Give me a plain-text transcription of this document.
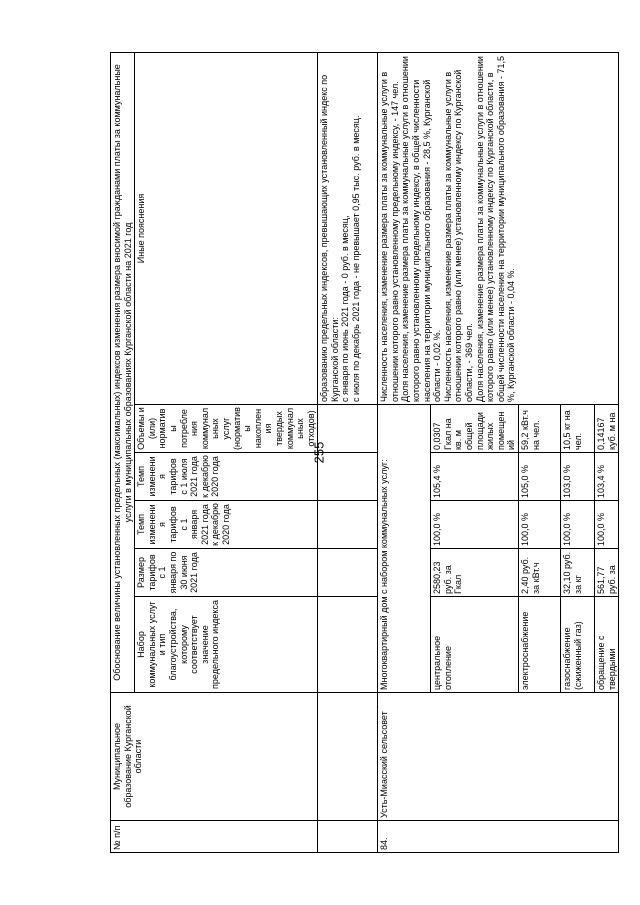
255
№ п/п	Муниципальное образование Курганской области	Обоснование величины установленных предельных (максимальных) индексов изменения размера вносимой гражданами платы за коммунальные услуги в муниципальных образованиях Курганской области на 2021 год					
		Набор коммунальных услуг и тип благоустройства, которому соответствует значение предельного индекса	Размер тарифов с 1 января по 30 июня 2021 года	Темп изменения тарифов с 1 января 2021 года к декабрю 2020 года	Темп изменения тарифов с 1 июля 2021 года к декабрю 2020 года	Объемы и (или) нормативы потребления коммунальных услуг (нормативы накопления твердых коммунальных отходов)	Иные пояснения
							образованию предельных индексов, превышающих установленный индекс по Курганской области:
с января по июнь 2021 года - 0 руб. в месяц,
с июля по декабрь 2021 года - не превышает 0,95 тыс. руб. в месяц.
84.	Усть-Миасский сельсовет	Многоквартирный дом с набором коммунальных услуг:					Численность населения, изменение размера платы за коммунальные услуги в отношении которого равно установленному предельному индексу, - 147 чел.
Доля населения, изменение размера платы за коммунальные услуги в отношении которого равно установленному предельному индексу, в общей численности населения на территории муниципального образования - 28,5 %, Курганской области - 0,02 %.
Численность населения, изменение размера платы за коммунальные услуги в отношении которого равно (или менее) установленному индексу по Курганской области, - 369 чел.
Доля населения, изменение размера платы за коммунальные услуги в отношении которого равно (или менее) установленному индексу по Курганской области, в общей численности населения на территории муниципального образования - 71,5 %, Курганской области - 0,04 %.
		центральное отопление	2580,23 руб. за Гкал	100,0 %	105,4 %	0,0307 Гкал на кв. м общей площади жилых помещений	
		электроснабжение	2,40 руб. за кВт.ч	100,0 %	105,0 %	59,2 кВт.ч на чел.	
		газоснабжение (сжиженный газ)	32,10 руб. за кг	100,0 %	103,0 %	10,5 кг на чел.	
		обращение с твердыми	561,77 руб. за	100,0 %	103,4 %	0,14167 куб. м на	
